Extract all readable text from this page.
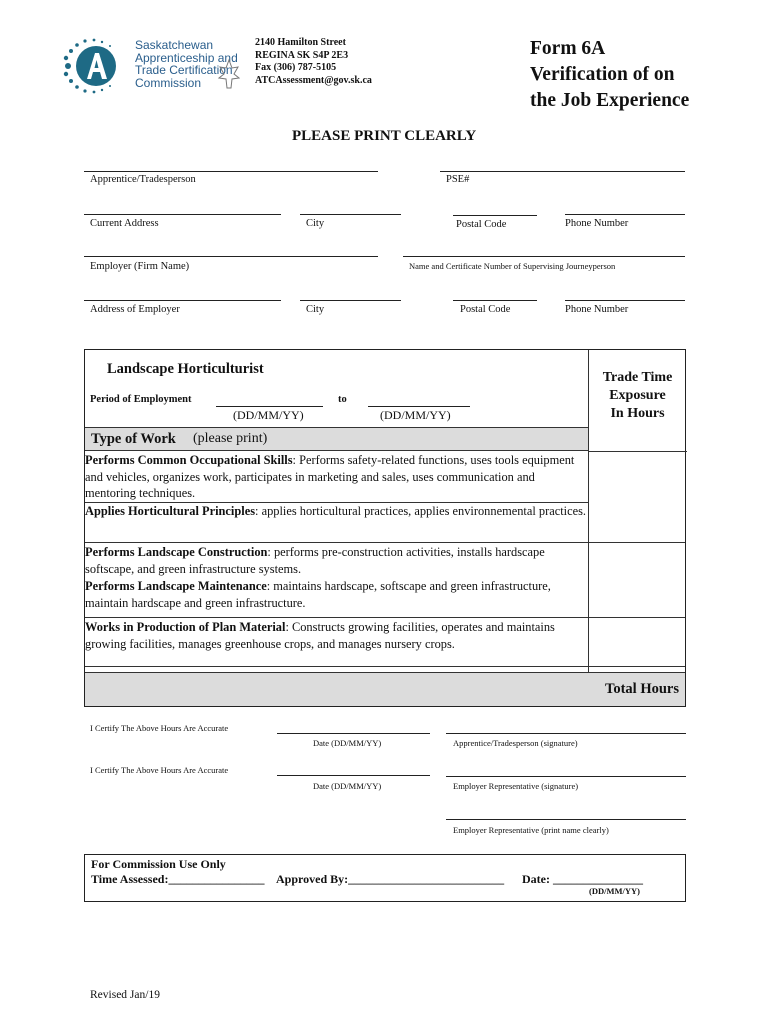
Saskatchewan
Apprenticeship and
Trade Certification
Commission
2140 Hamilton Street
REGINA SK S4P 2E3
Fax (306) 787-5105
ATCAssessment@gov.sk.ca
Form 6A
Verification of on
the Job Experience
PLEASE PRINT CLEARLY
Apprentice/Tradesperson	PSE#
Current Address	City	Postal Code	Phone Number
Employer (Firm Name)	Name and Certificate Number of Supervising Journeyperson
Address of Employer	City	Postal Code	Phone Number
Landscape Horticulturist
Period of Employment	to
(DD/MM/YY)	(DD/MM/YY)
Trade Time
Exposure
In Hours
Type of Work (please print)
Performs Common Occupational Skills: Performs safety-related functions, uses tools equipment and vehicles, organizes work, participates in marketing and sales, uses communication and mentoring techniques.
Applies Horticultural Principles: applies horticultural practices, applies environnemental practices.
Performs Landscape Construction: performs pre-construction activities, installs hardscape softscape, and green infrastructure systems.
Performs Landscape Maintenance: maintains hardscape, softscape and green infrastructure, maintain hardscape and green infrastructure.
Works in Production of Plan Material: Constructs growing facilities, operates and maintains growing facilities, manages greenhouse crops, and manages nursery crops.
Total Hours
I Certify The Above Hours Are Accurate
Date (DD/MM/YY)	Apprentice/Tradesperson (signature)
I Certify The Above Hours Are Accurate
Date (DD/MM/YY)	Employer Representative (signature)
Employer Representative (print name clearly)
For Commission Use Only
Time Assessed:________________ Approved By:__________________________ Date: _______________
(DD/MM/YY)
Revised Jan/19
